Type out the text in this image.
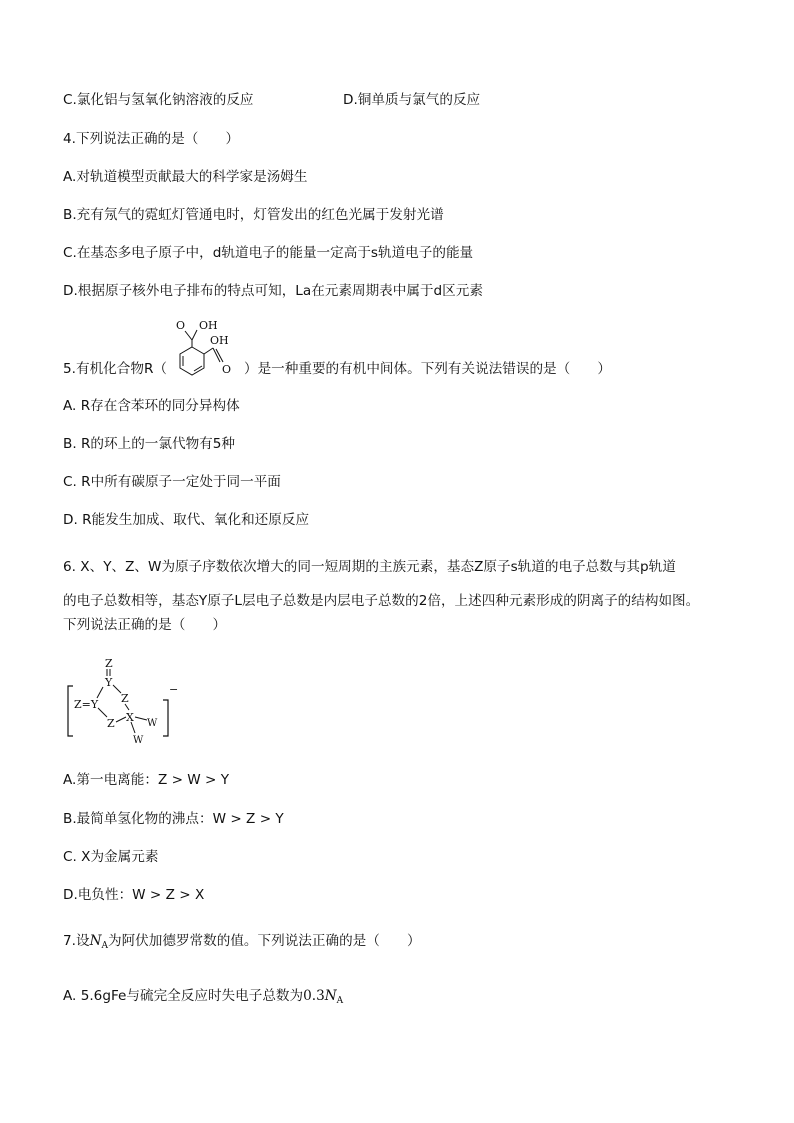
C.氯化铝与氢氧化钠溶液的反应	D.铜单质与氯气的反应
4.下列说法正确的是（　　）
A.对轨道模型贡献最大的科学家是汤姆生
B.充有氖气的霓虹灯管通电时，灯管发出的红色光属于发射光谱
C.在基态多电子原子中，d轨道电子的能量一定高于s轨道电子的能量
D.根据原子核外电子排布的特点可知，La在元素周期表中属于d区元素
5.有机化合物R（
O OH
OH
O ）是一种重要的有机中间体。下列有关说法错误的是（　　）
A. R存在含苯环的同分异构体
B. R的环上的一氯代物有5种
C. R中所有碳原子一定处于同一平面
D. R能发生加成、取代、氧化和还原反应
6. X、Y、Z、W为原子序数依次增大的同一短周期的主族元素，基态Z原子s轨道的电子总数与其p轨道
的电子总数相等，基态Y原子L层电子总数是内层电子总数的2倍，上述四种元素形成的阴离子的结构如图。
下列说法正确的是（　　）
−
Z
Y
Z=Y Z
Z X W
W
A.第一电离能：Z > W > Y
B.最简单氢化物的沸点：W > Z > Y
C. X为金属元素
D.电负性：W > Z > X
7.设$N_A$为阿伏加德罗常数的值。下列说法正确的是（　　）
A. 5.6gFe与硫完全反应时失电子总数为$0.3N_A$
